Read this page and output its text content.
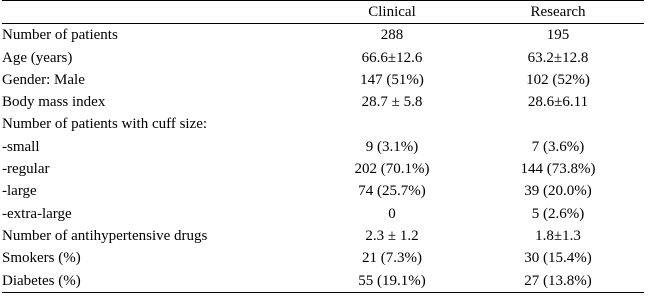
	Clinical	Research
Number of patients	288	195
Age (years)	66.6±12.6	63.2±12.8
Gender: Male	147 (51%)	102 (52%)
Body mass index	28.7 ± 5.8	28.6±6.11
Number of patients with cuff size:		
-small	9 (3.1%)	7 (3.6%)
-regular	202 (70.1%)	144 (73.8%)
-large	74 (25.7%)	39 (20.0%)
-extra-large	0	5 (2.6%)
Number of antihypertensive drugs	2.3 ± 1.2	1.8±1.3
Smokers (%)	21 (7.3%)	30 (15.4%)
Diabetes (%)	55 (19.1%)	27 (13.8%)
